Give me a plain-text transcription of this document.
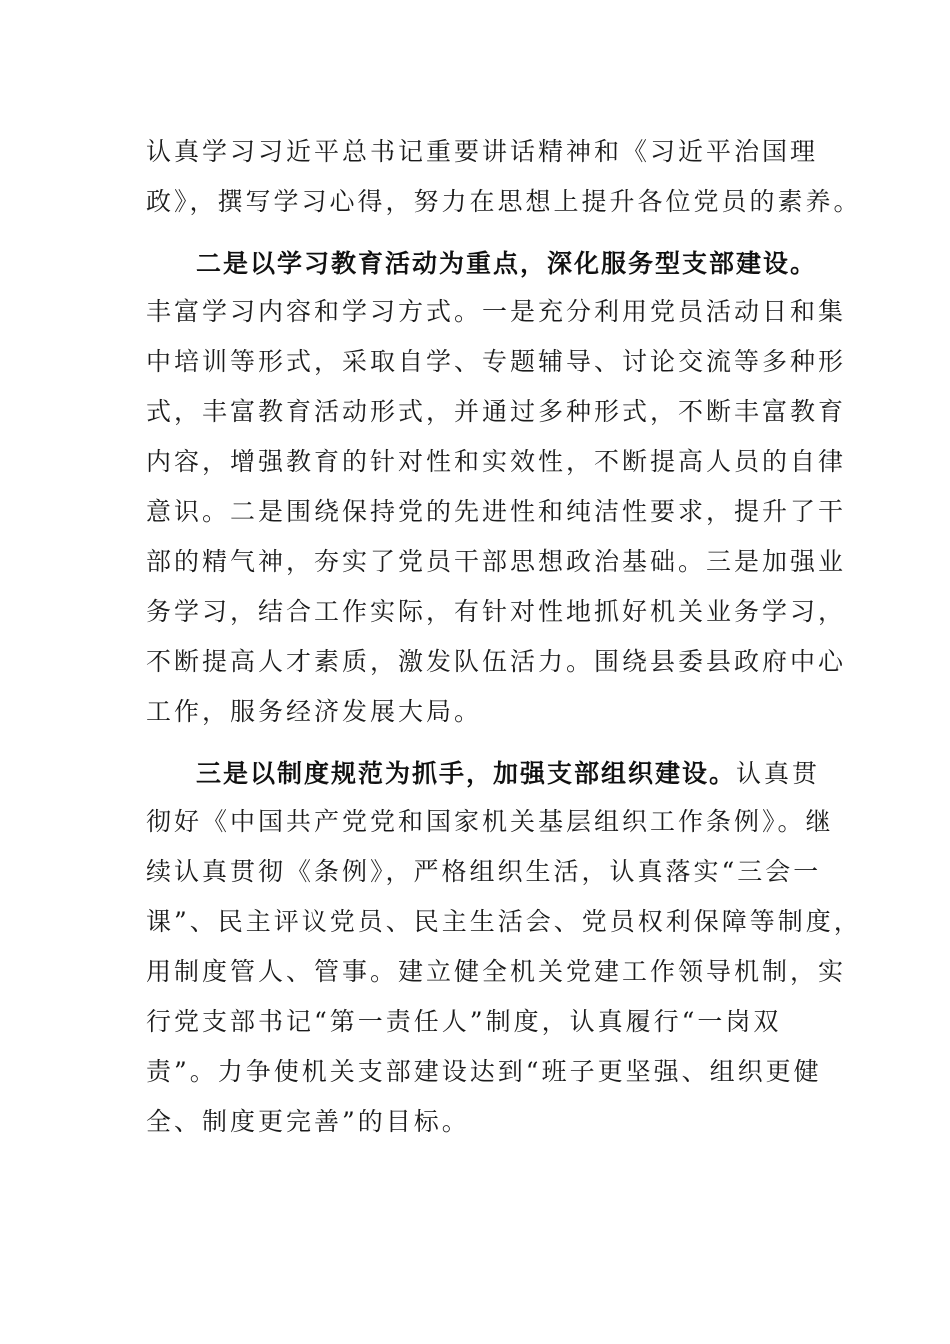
认真学习习近平总书记重要讲话精神和《习近平治国理
政》，撰写学习心得，努力在思想上提升各位党员的素养。
二是以学习教育活动为重点，深化服务型支部建设。
丰富学习内容和学习方式。一是充分利用党员活动日和集
中培训等形式，采取自学、专题辅导、讨论交流等多种形
式，丰富教育活动形式，并通过多种形式，不断丰富教育
内容，增强教育的针对性和实效性，不断提高人员的自律
意识。二是围绕保持党的先进性和纯洁性要求，提升了干
部的精气神，夯实了党员干部思想政治基础。三是加强业
务学习，结合工作实际，有针对性地抓好机关业务学习，
不断提高人才素质，激发队伍活力。围绕县委县政府中心
工作，服务经济发展大局。
三是以制度规范为抓手，加强支部组织建设。认真贯
彻好《中国共产党党和国家机关基层组织工作条例》。继
续认真贯彻《条例》，严格组织生活，认真落实“三会一
课”、民主评议党员、民主生活会、党员权利保障等制度，
用制度管人、管事。建立健全机关党建工作领导机制，实
行党支部书记“第一责任人”制度，认真履行“一岗双
责”。力争使机关支部建设达到“班子更坚强、组织更健
全、制度更完善”的目标。
